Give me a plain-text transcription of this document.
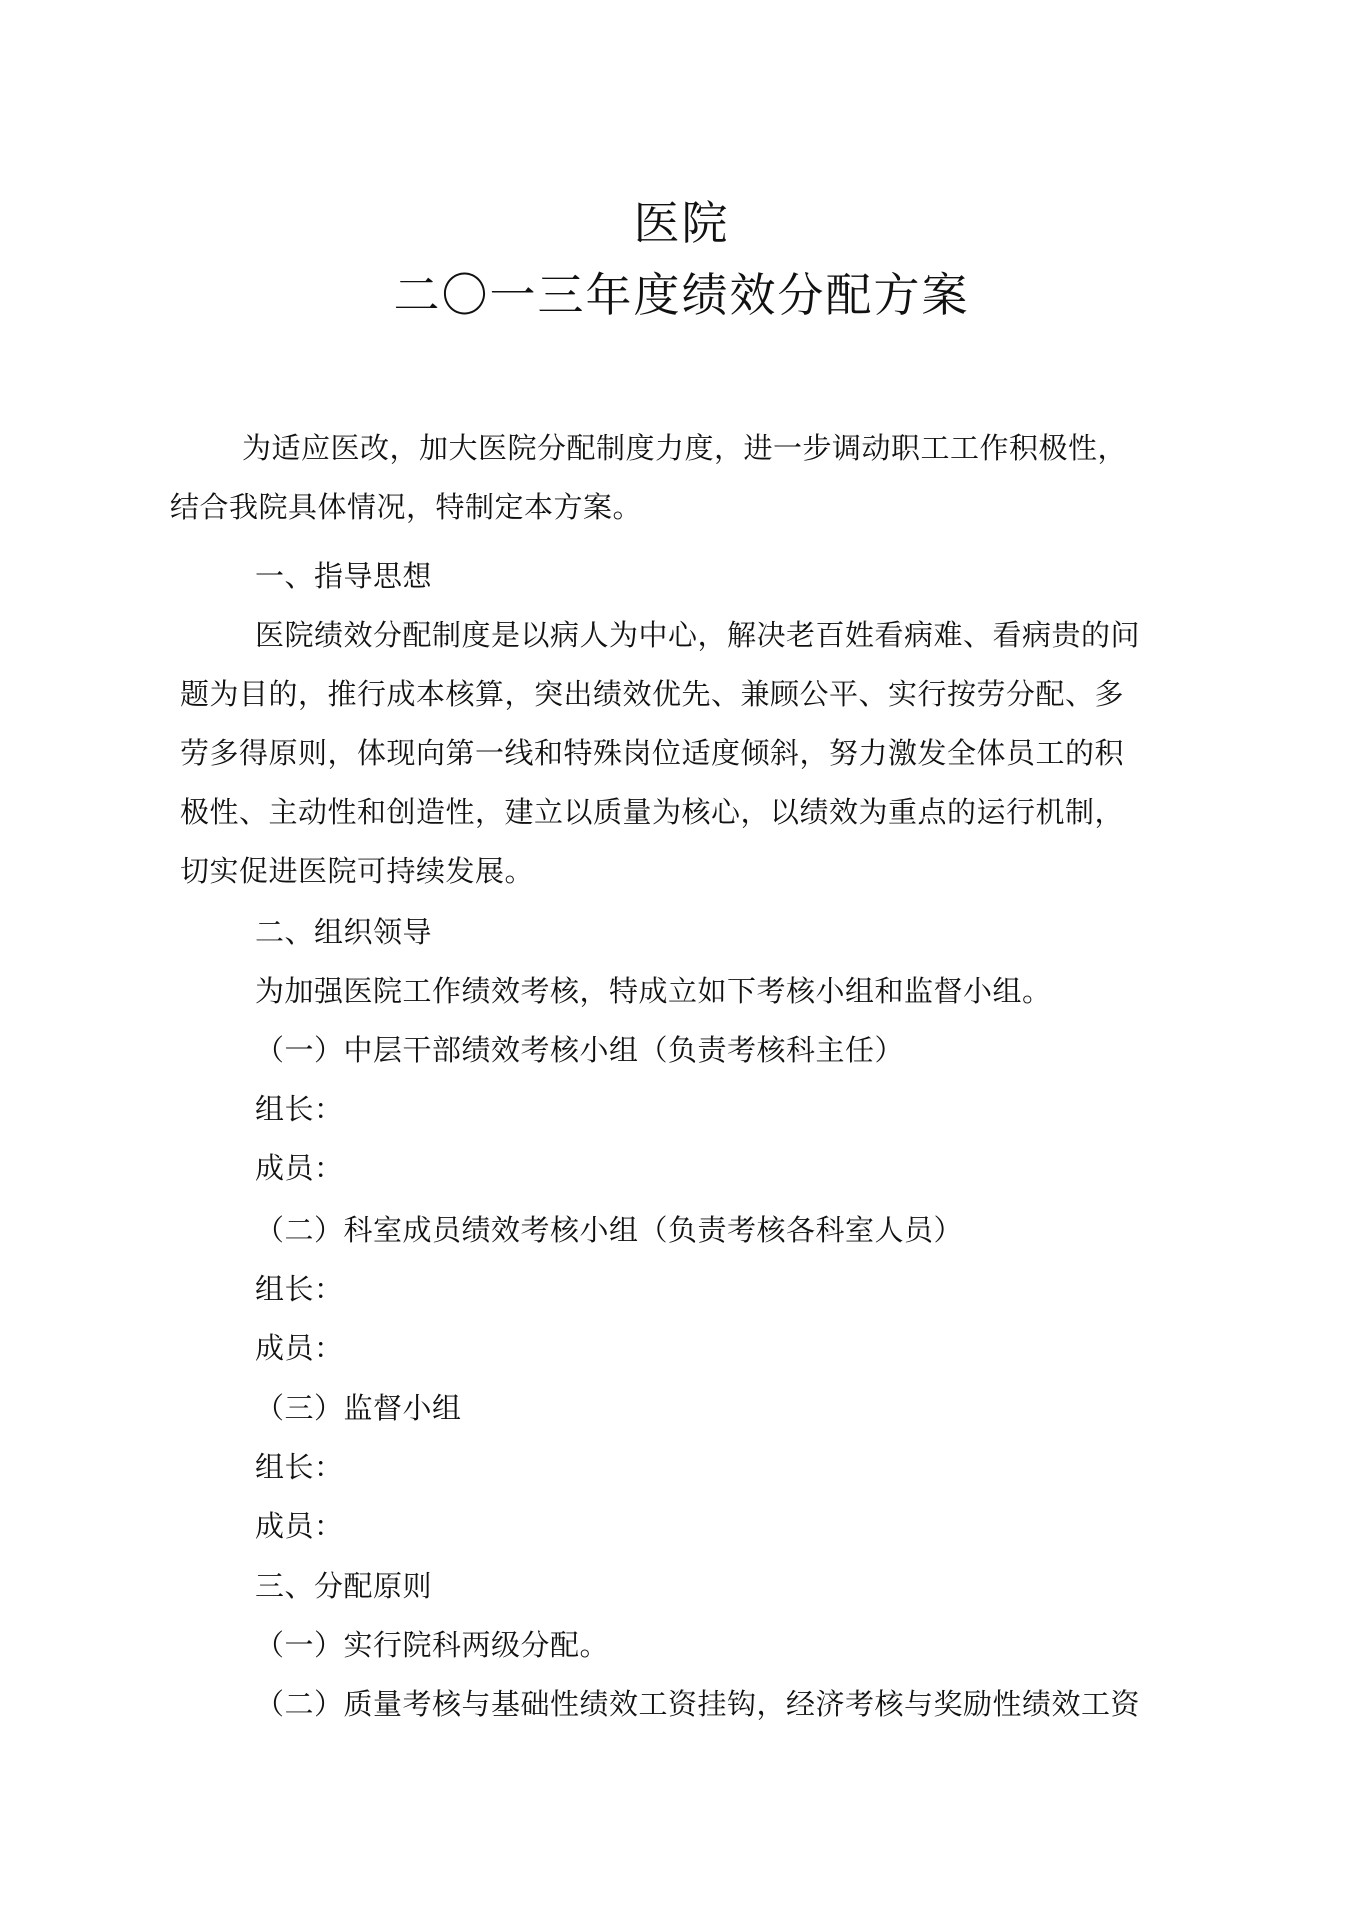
医院
二〇一三年度绩效分配方案
为适应医改，加大医院分配制度力度，进一步调动职工工作积极性，
结合我院具体情况，特制定本方案。
一、指导思想
医院绩效分配制度是以病人为中心，解决老百姓看病难、看病贵的问
题为目的，推行成本核算，突出绩效优先、兼顾公平、实行按劳分配、多
劳多得原则，体现向第一线和特殊岗位适度倾斜，努力激发全体员工的积
极性、主动性和创造性，建立以质量为核心，以绩效为重点的运行机制，
切实促进医院可持续发展。
二、组织领导
为加强医院工作绩效考核，特成立如下考核小组和监督小组。
（一）中层干部绩效考核小组（负责考核科主任）
组长：
成员：
（二）科室成员绩效考核小组（负责考核各科室人员）
组长：
成员：
（三）监督小组
组长：
成员：
三、分配原则
（一）实行院科两级分配。
（二）质量考核与基础性绩效工资挂钩，经济考核与奖励性绩效工资
